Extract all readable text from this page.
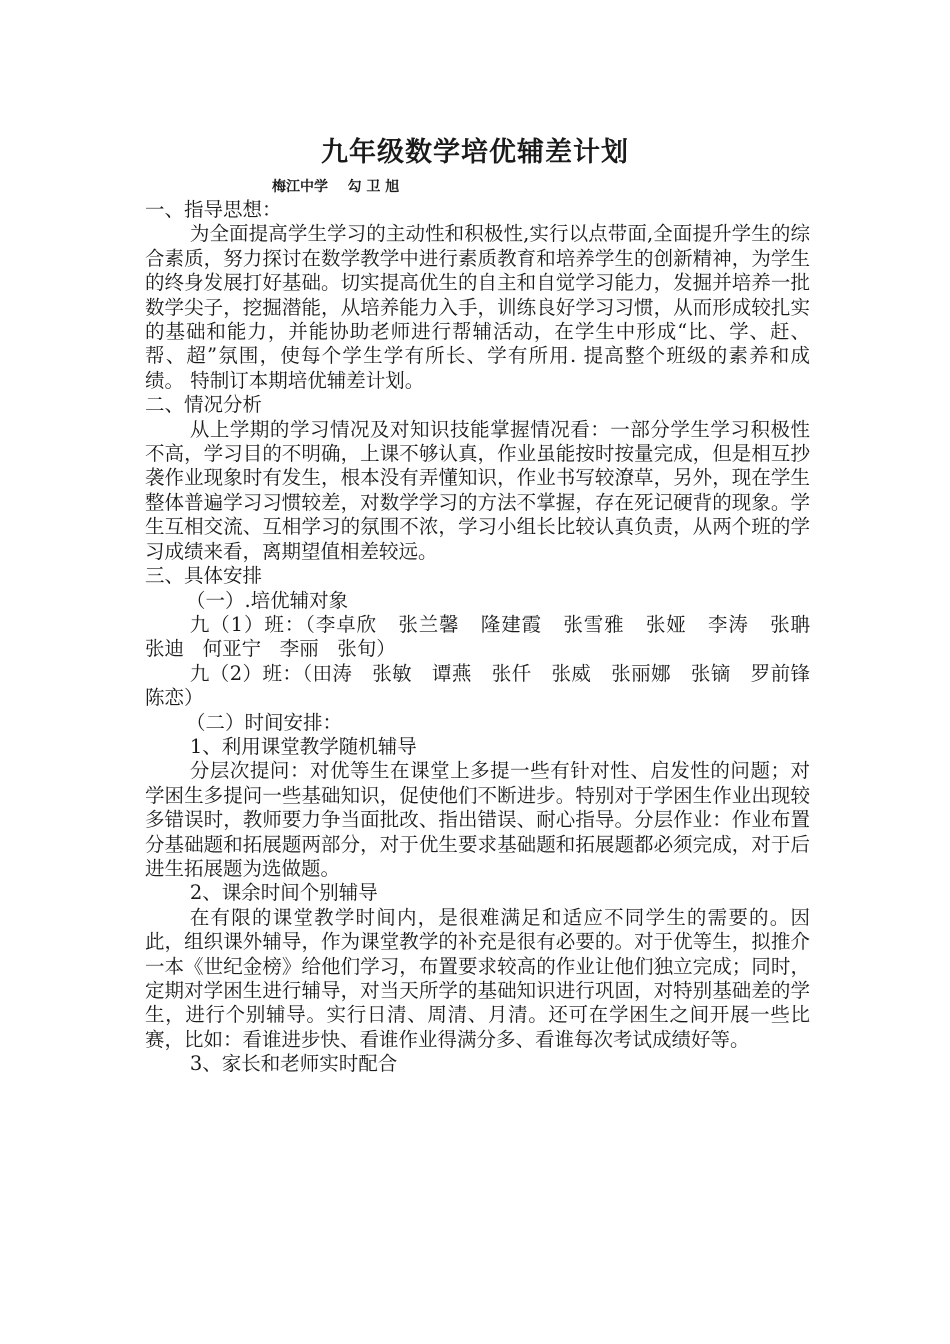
九年级数学培优辅差计划
梅江中学    勾 卫 旭

一、指导思想：

为全面提高学生学习的主动性和积极性,实行以点带面,全面提升学生的综合素质，努力探讨在数学教学中进行素质教育和培养学生的创新精神，为学生的终身发展打好基础。切实提高优生的自主和自觉学习能力，发掘并培养一批数学尖子，挖掘潜能，从培养能力入手，训练良好学习习惯，从而形成较扎实的基础和能力，并能协助老师进行帮辅活动，在学生中形成“比、学、赶、帮、超”氛围，使每个学生学有所长、学有所用. 提高整个班级的素养和成绩。 特制订本期培优辅差计划。

二、情况分析

从上学期的学习情况及对知识技能掌握情况看：一部分学生学习积极性不高，学习目的不明确，上课不够认真，作业虽能按时按量完成，但是相互抄袭作业现象时有发生，根本没有弄懂知识，作业书写较潦草，另外，现在学生整体普遍学习习惯较差，对数学学习的方法不掌握，存在死记硬背的现象。学生互相交流、互相学习的氛围不浓，学习小组长比较认真负责，从两个班的学习成绩来看，离期望值相差较远。

三、具体安排

（一）.培优辅对象

九（1）班：（李卓欣   张兰馨   隆建霞   张雪雅   张娅   李涛   张聃   张迪   何亚宁   李丽   张旬）

九（2）班：（田涛   张敏   谭燕   张仟   张威   张丽娜   张镝   罗前锋   陈恋）

（二）时间安排：

1、利用课堂教学随机辅导

分层次提问：对优等生在课堂上多提一些有针对性、启发性的问题；对学困生多提问一些基础知识，促使他们不断进步。特别对于学困生作业出现较多错误时，教师要力争当面批改、指出错误、耐心指导。分层作业：作业布置分基础题和拓展题两部分，对于优生要求基础题和拓展题都必须完成，对于后进生拓展题为选做题。

2、课余时间个别辅导

在有限的课堂教学时间内，是很难满足和适应不同学生的需要的。因此，组织课外辅导，作为课堂教学的补充是很有必要的。对于优等生，拟推介一本《世纪金榜》给他们学习，布置要求较高的作业让他们独立完成；同时，定期对学困生进行辅导，对当天所学的基础知识进行巩固，对特别基础差的学生，进行个别辅导。实行日清、周清、月清。还可在学困生之间开展一些比赛，比如：看谁进步快、看谁作业得满分多、看谁每次考试成绩好等。

3、家长和老师实时配合
